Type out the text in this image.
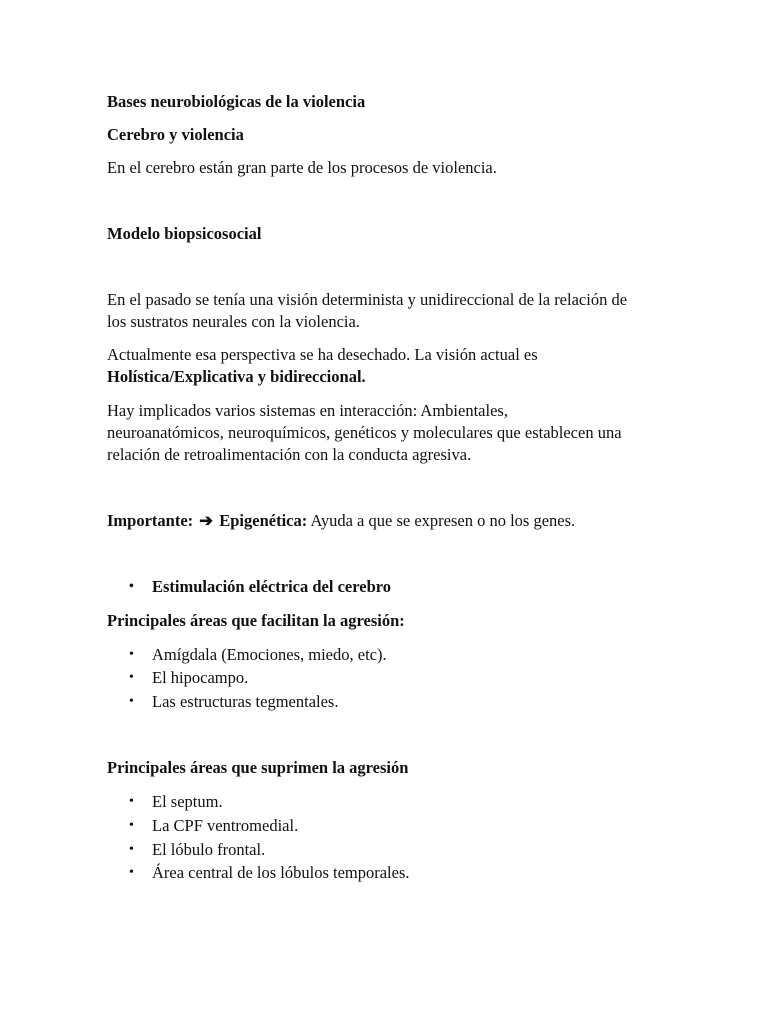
Bases neurobiológicas de la violencia
Cerebro y violencia
En el cerebro están gran parte de los procesos de violencia.
Modelo biopsicosocial
En el pasado se tenía una visión determinista y unidireccional de la relación de
los sustratos neurales con la violencia.
Actualmente esa perspectiva se ha desechado. La visión actual es
Holística/Explicativa y bidireccional.
Hay implicados varios sistemas en interacción: Ambientales,
neuroanatómicos, neuroquímicos, genéticos y moleculares que establecen una
relación de retroalimentación con la conducta agresiva.
Importante: ➔ Epigenética: Ayuda a que se expresen o no los genes.
• Estimulación eléctrica del cerebro
Principales áreas que facilitan la agresión:
• Amígdala (Emociones, miedo, etc).
• El hipocampo.
• Las estructuras tegmentales.
Principales áreas que suprimen la agresión
• El septum.
• La CPF ventromedial.
• El lóbulo frontal.
• Área central de los lóbulos temporales.
